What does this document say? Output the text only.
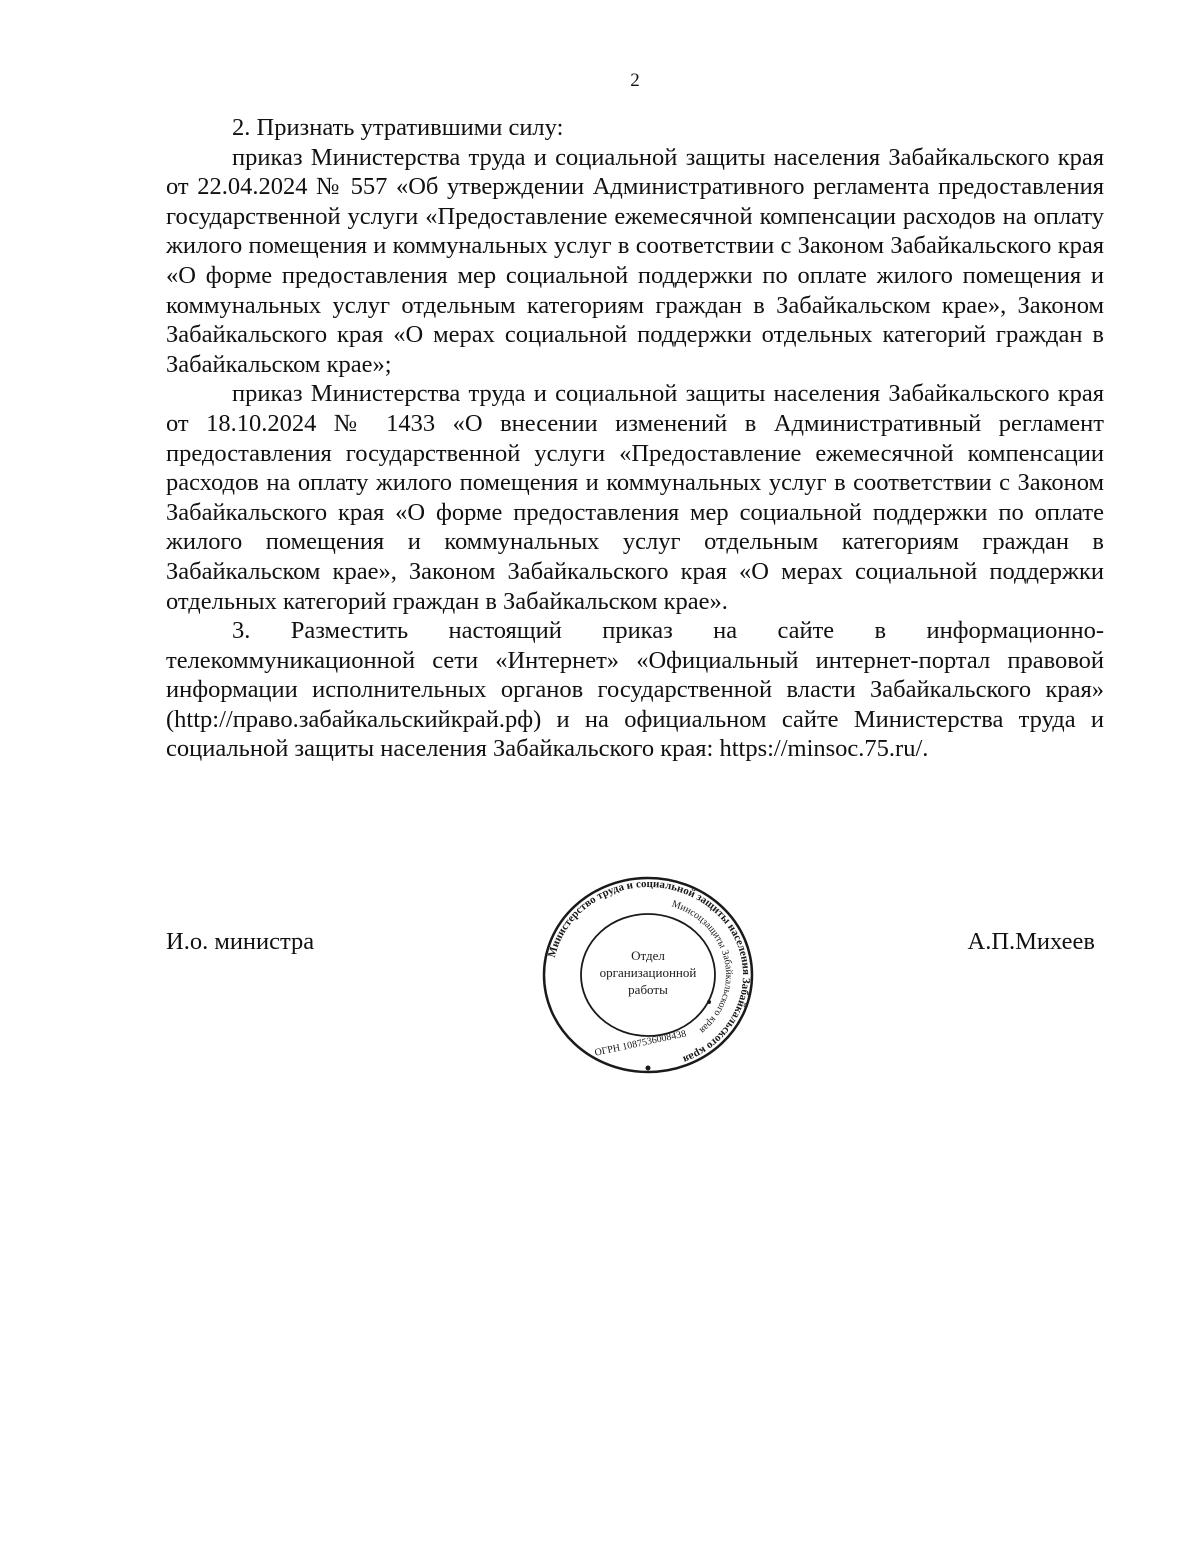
2

2. Признать утратившими силу:

приказ Министерства труда и социальной защиты населения Забайкальского края от 22.04.2024 № 557 «Об утверждении Административного регламента предоставления государственной услуги «Предоставление ежемесячной компенсации расходов на оплату жилого помещения и коммунальных услуг в соответствии с Законом Забайкальского края «О форме предоставления мер социальной поддержки по оплате жилого помещения и коммунальных услуг отдельным категориям граждан в Забайкальском крае», Законом Забайкальского края «О мерах социальной поддержки отдельных категорий граждан в Забайкальском крае»;

приказ Министерства труда и социальной защиты населения Забайкальского края от 18.10.2024 № 1433 «О внесении изменений в Административный регламент предоставления государственной услуги «Предоставление ежемесячной компенсации расходов на оплату жилого помещения и коммунальных услуг в соответствии с Законом Забайкальского края «О форме предоставления мер социальной поддержки по оплате жилого помещения и коммунальных услуг отдельным категориям граждан в Забайкальском крае», Законом Забайкальского края «О мерах социальной поддержки отдельных категорий граждан в Забайкальском крае».

3. Разместить настоящий приказ на сайте в информационно-телекоммуникационной сети «Интернет» «Официальный интернет-портал правовой информации исполнительных органов государственной власти Забайкальского края» (http://право.забайкальскийкрай.рф) и на официальном сайте Министерства труда и социальной защиты населения Забайкальского края: https://minsoc.75.ru/.

И.о. министра	Министерство труда и социальной защиты населения Забайкальского края
Минсоцзащиты Забайкальского края
Отдел
организационной
работы
ОГРН 1087536008438
А.П.Михеев
